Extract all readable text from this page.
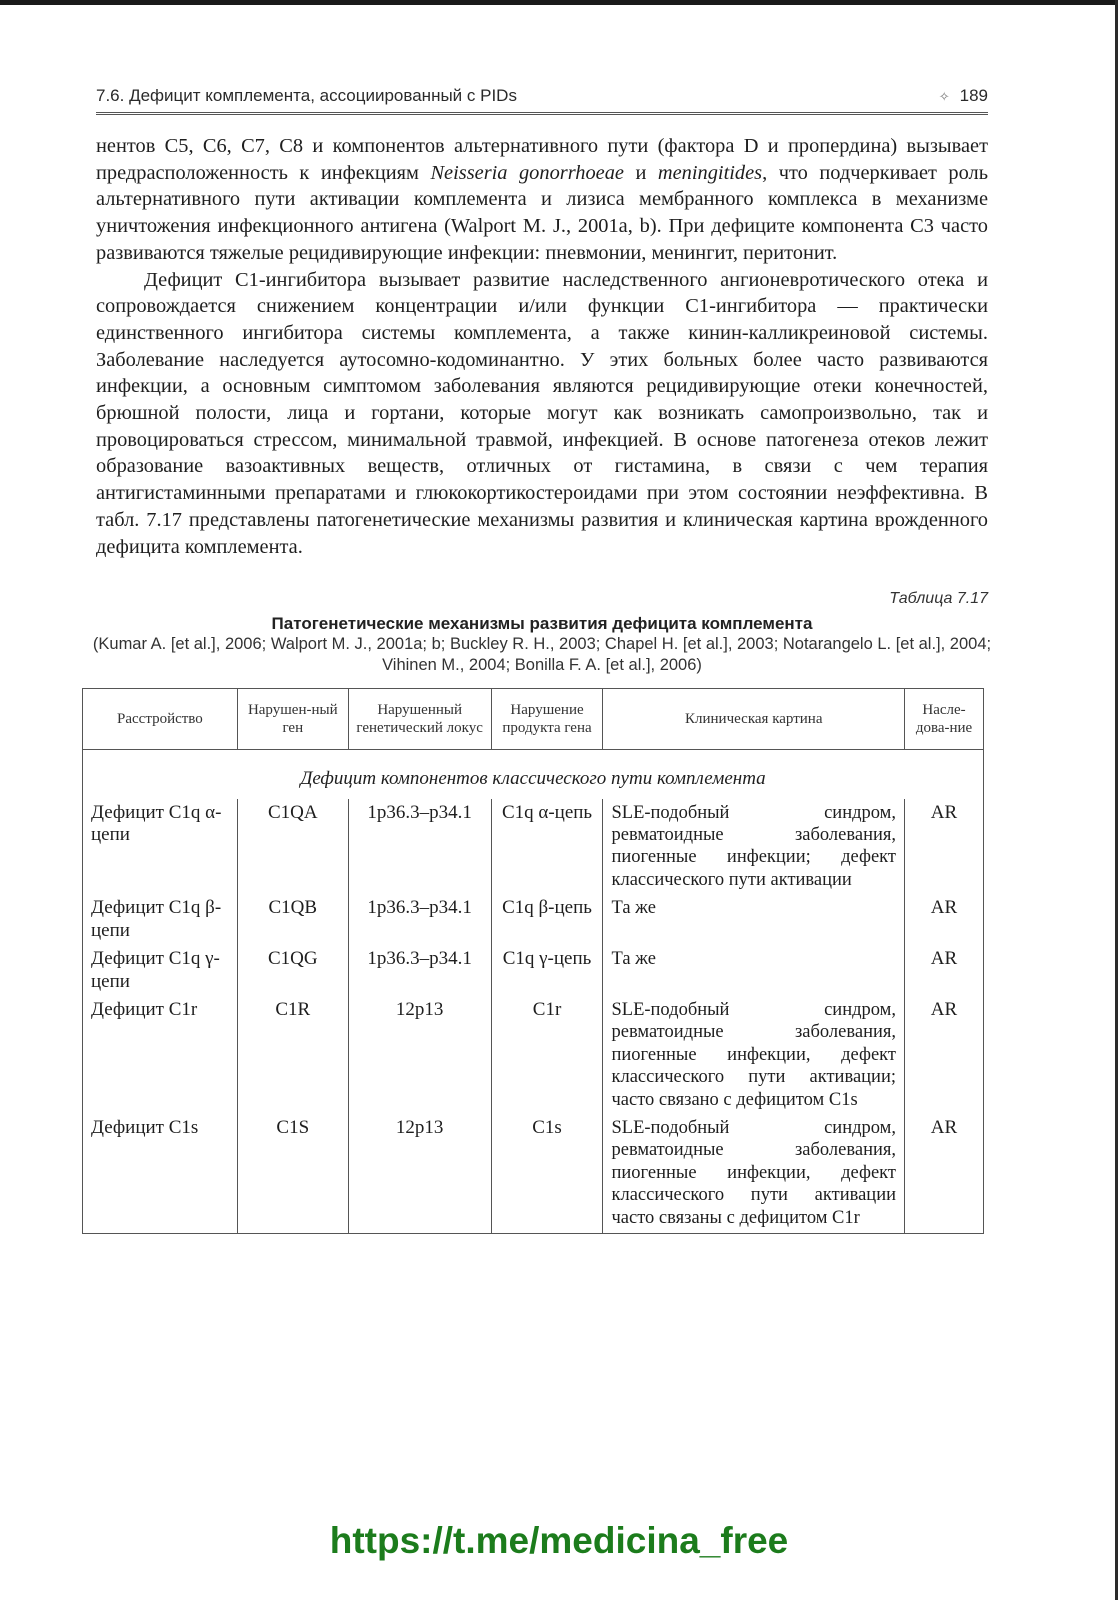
7.6. Дефицит комплемента, ассоциированный с PIDs	✧ 189

нентов C5, C6, C7, C8 и компонентов альтернативного пути (фактора D и пропердина) вызывает предрасположенность к инфекциям Neisseria gonorrhoeae и meningitides, что подчеркивает роль альтернативного пути активации комплемента и лизиса мембранного комплекса в механизме уничтожения инфекционного антигена (Walport M. J., 2001a, b). При дефиците компонента C3 часто развиваются тяжелые рецидивирующие инфекции: пневмонии, менингит, перитонит.

Дефицит C1-ингибитора вызывает развитие наследственного ангионевротического отека и сопровождается снижением концентрации и/или функции C1-ингибитора — практически единственного ингибитора системы комплемента, а также кинин-калликреиновой системы. Заболевание наследуется аутосомно-кодоминантно. У этих больных более часто развиваются инфекции, а основным симптомом заболевания являются рецидивирующие отеки конечностей, брюшной полости, лица и гортани, которые могут как возникать самопроизвольно, так и провоцироваться стрессом, минимальной травмой, инфекцией. В основе патогенеза отеков лежит образование вазоактивных веществ, отличных от гистамина, в связи с чем терапия антигистаминными препаратами и глюкокортикостероидами при этом состоянии неэффективна. В табл. 7.17 представлены патогенетические механизмы развития и клиническая картина врожденного дефицита комплемента.

Таблица 7.17
Патогенетические механизмы развития дефицита комплемента
(Kumar A. [et al.], 2006; Walport M. J., 2001a; b; Buckley R. H., 2003; Chapel H. [et al.], 2003; Notarangelo L. [et al.], 2004; Vihinen M., 2004; Bonilla F. A. [et al.], 2006)
Расстройство	Нарушен-ный ген	Нарушенный генетический локус	Нарушение продукта гена	Клиническая картина	Насле-дова-ние
Дефицит компонентов классического пути комплемента					
Дефицит C1q α-цепи	C1QA	1p36.3–p34.1	C1q α-цепь	SLE-подобный синдром, ревматоидные заболевания, пиогенные инфекции; дефект классического пути активации	AR
Дефицит C1q β-цепи	C1QB	1p36.3–p34.1	C1q β-цепь	Та же	AR
Дефицит C1q γ-цепи	C1QG	1p36.3–p34.1	C1q γ-цепь	Та же	AR
Дефицит C1r	C1R	12p13	C1r	SLE-подобный синдром, ревматоидные заболевания, пиогенные инфекции, дефект классического пути активации; часто связано с дефицитом C1s	AR
Дефицит C1s	C1S	12p13	C1s	SLE-подобный синдром, ревматоидные заболевания, пиогенные инфекции, дефект классического пути активации часто связаны с дефицитом C1r	AR
https://t.me/medicina_free
